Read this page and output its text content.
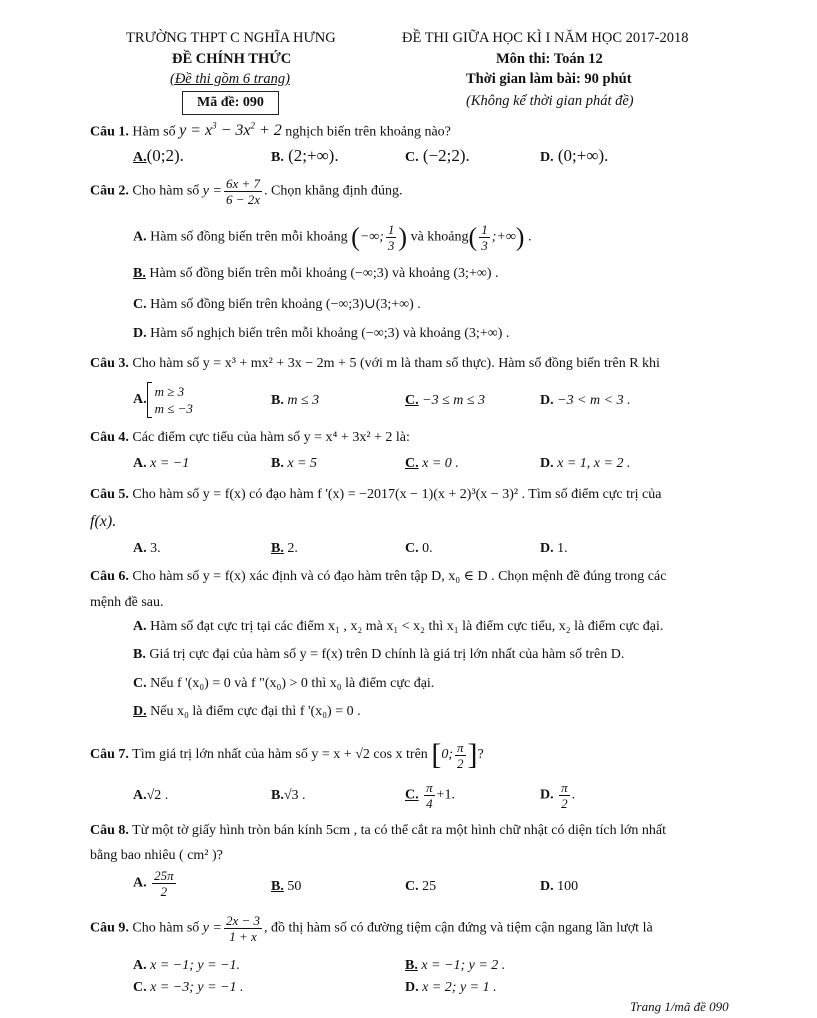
TRƯỜNG THPT C NGHĨA HƯNG	ĐỀ THI GIỮA HỌC KÌ I NĂM HỌC 2017-2018
ĐỀ CHÍNH THỨC	Môn thi: Toán 12
(Đề thi gồm 6 trang)	Thời gian làm bài: 90 phút
Mã đề: 090	(Không kể thời gian phát đề)
Câu 1. Hàm số $y = x^3 - 3x^2 + 2$ nghịch biến trên khoảng nào?
A.(0;2).	B. (2;+∞).	C. (−2;2).	D. (0;+∞).
Câu 2. Cho hàm số $y = \frac{6x + 7}{6 - 2x}$ . Chọn khẳng định đúng.
A. Hàm số đồng biến trên mỗi khoảng (−∞; $\frac{1}{3}$ ) và khoảng( $\frac{1}{3}$ ;+∞) .
B. Hàm số đồng biến trên mỗi khoảng (−∞;3) và khoảng (3;+∞) .
C. Hàm số đồng biến trên khoảng (−∞;3)∪(3;+∞) .
D. Hàm số nghịch biến trên mỗi khoảng (−∞;3) và khoảng (3;+∞) .
Câu 3. Cho hàm số y = x³ + mx² + 3x − 2m + 5 (với m là tham số thực). Hàm số đồng biến trên R khi
A.
m ≥ 3
m ≤ −3
B. m ≤ 3	C. −3 ≤ m ≤ 3	D. −3 < m < 3 .
Câu 4. Các điểm cực tiểu của hàm số y = x⁴ + 3x² + 2 là:
A. x = −1	B. x = 5	C. x = 0 .	D. x = 1, x = 2 .
Câu 5. Cho hàm số y = f(x) có đạo hàm f '(x) = −2017(x − 1)(x + 2)³(x − 3)² . Tìm số điểm cực trị của
f(x).
A. 3.	B. 2.	C. 0.	D. 1.
Câu 6. Cho hàm số y = f(x) xác định và có đạo hàm trên tập D, x₀ ∈ D . Chọn mệnh đề đúng trong các
mệnh đề sau.
A. Hàm số đạt cực trị tại các điểm x₁ , x₂ mà x₁ < x₂ thì x₁ là điểm cực tiểu, x₂ là điểm cực đại.
B. Giá trị cực đại của hàm số y = f(x) trên D chính là giá trị lớn nhất của hàm số trên D.
C. Nếu f '(x₀) = 0 và f "(x₀) > 0 thì x₀ là điểm cực đại.
D. Nếu x₀ là điểm cực đại thì f '(x₀) = 0 .
Câu 7. Tìm giá trị lớn nhất của hàm số y = x + √2 cos x trên [0; $\frac{\pi}{2}$ ]?
A.√2 .	B.√3 .	C. $\frac{\pi}{4} +1$.	D. $\frac{\pi}{2}$ .
Câu 8. Từ một tờ giấy hình tròn bán kính 5cm , ta có thể cắt ra một hình chữ nhật có diện tích lớn nhất
bằng bao nhiêu ( cm² )?
A. $\frac{25\pi}{2}$	B. 50	C. 25	D. 100
Câu 9. Cho hàm số $y = \frac{2x - 3}{1 + x}$ , đồ thị hàm số có đường tiệm cận đứng và tiệm cận ngang lần lượt là
A. x = −1; y = −1.	B. x = −1; y = 2 .
C. x = −3; y = −1 .	D. x = 2; y = 1 .
Trang 1/mã đề 090
